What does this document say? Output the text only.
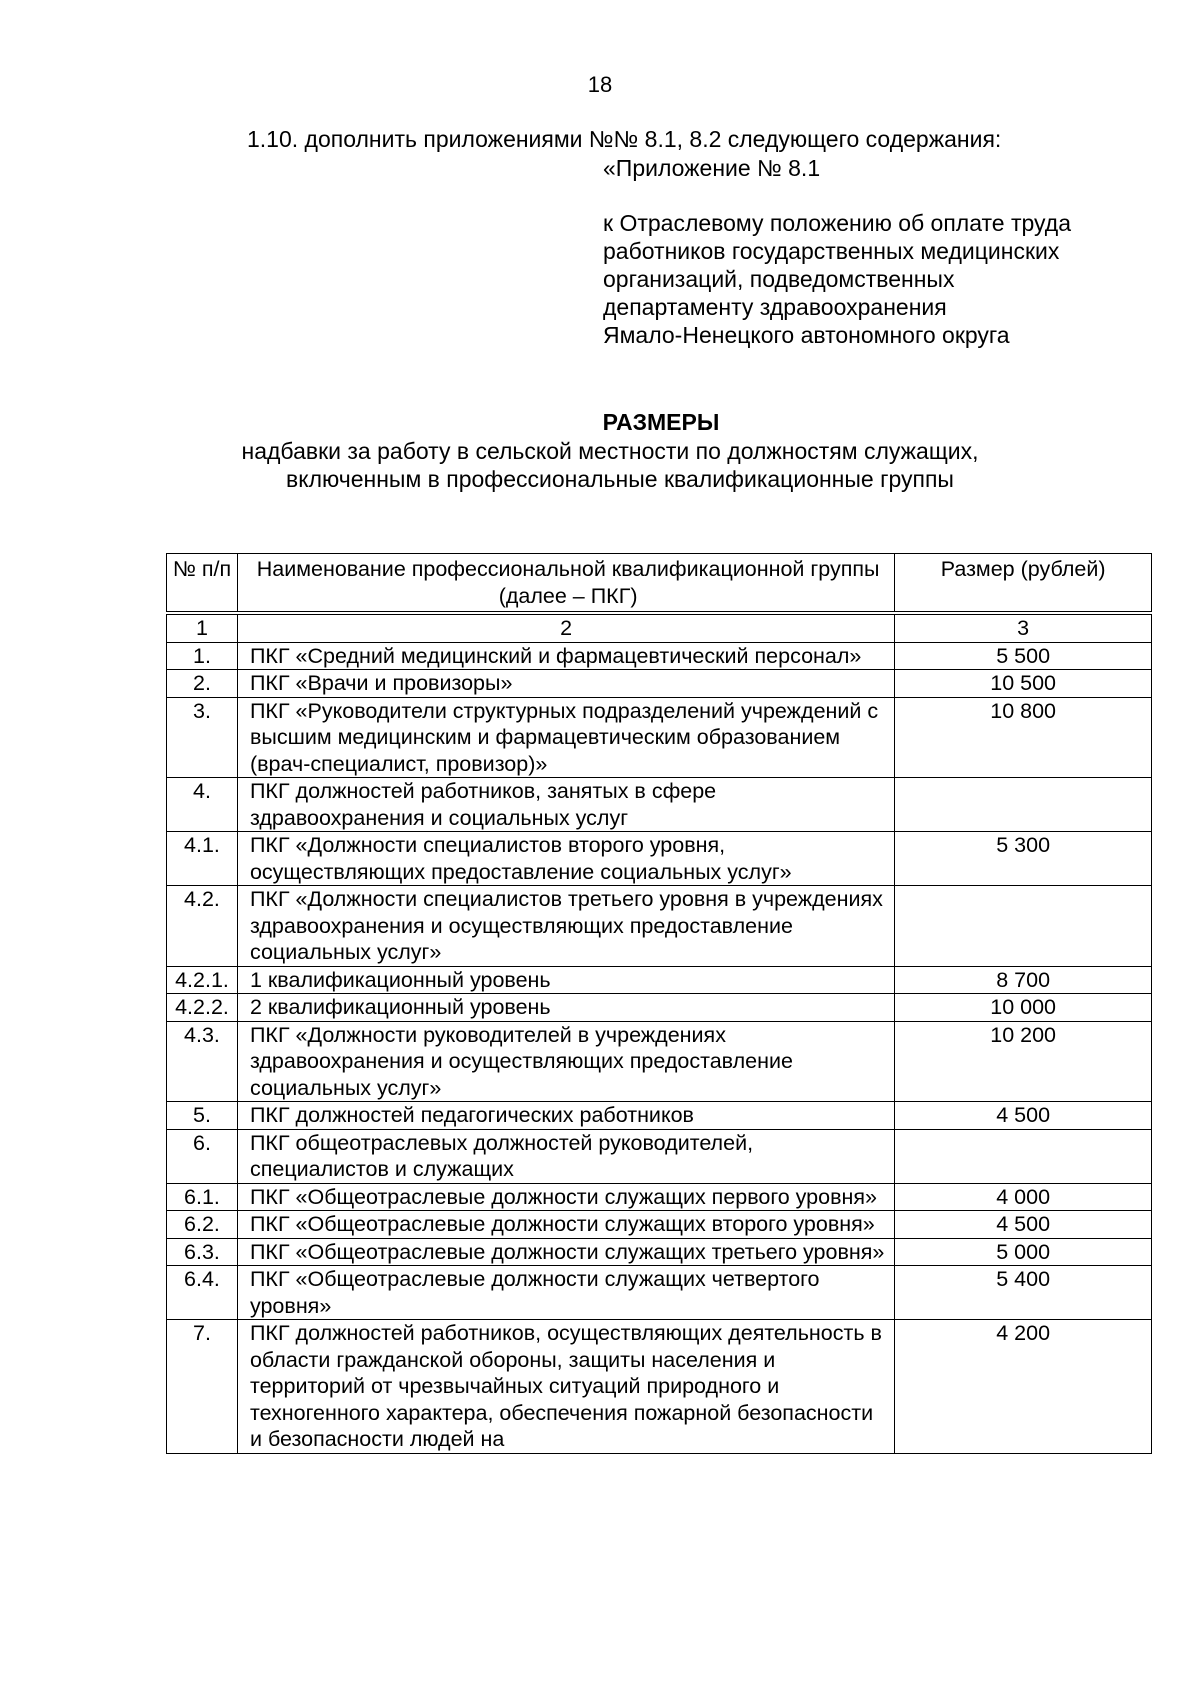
18
1.10. дополнить приложениями №№ 8.1, 8.2 следующего содержания:
«Приложение № 8.1
к Отраслевому положению об оплате труда
работников государственных медицинских
организаций, подведомственных
департаменту здравоохранения
Ямало-Ненецкого автономного округа
РАЗМЕРЫ
надбавки за работу в сельской местности по должностям служащих,
включенным в профессиональные квалификационные группы
№ п/п	Наименование профессиональной квалификационной группы (далее – ПКГ)	Размер (рублей)
1	2	3
1.	ПКГ «Средний медицинский и фармацевтический персонал»	5 500
2.	ПКГ «Врачи и провизоры»	10 500
3.	ПКГ «Руководители структурных подразделений учреждений с высшим медицинским и фармацевтическим образованием (врач-специалист, провизор)»	10 800
4.	ПКГ должностей работников, занятых в сфере здравоохранения и социальных услуг	
4.1.	ПКГ «Должности специалистов второго уровня, осуществляющих предоставление социальных услуг»	5 300
4.2.	ПКГ «Должности специалистов третьего уровня в учреждениях здравоохранения и осуществляющих предоставление социальных услуг»	
4.2.1.	1 квалификационный уровень	8 700
4.2.2.	2 квалификационный уровень	10 000
4.3.	ПКГ «Должности руководителей в учреждениях здравоохранения и осуществляющих предоставление социальных услуг»	10 200
5.	ПКГ должностей педагогических работников	4 500
6.	ПКГ общеотраслевых должностей руководителей, специалистов и служащих	
6.1.	ПКГ «Общеотраслевые должности служащих первого уровня»	4 000
6.2.	ПКГ «Общеотраслевые должности служащих второго уровня»	4 500
6.3.	ПКГ «Общеотраслевые должности служащих третьего уровня»	5 000
6.4.	ПКГ «Общеотраслевые должности служащих четвертого уровня»	5 400
7.	ПКГ должностей работников, осуществляющих деятельность в области гражданской обороны, защиты населения и территорий от чрезвычайных ситуаций природного и техногенного характера, обеспечения пожарной безопасности и безопасности людей на	4 200
